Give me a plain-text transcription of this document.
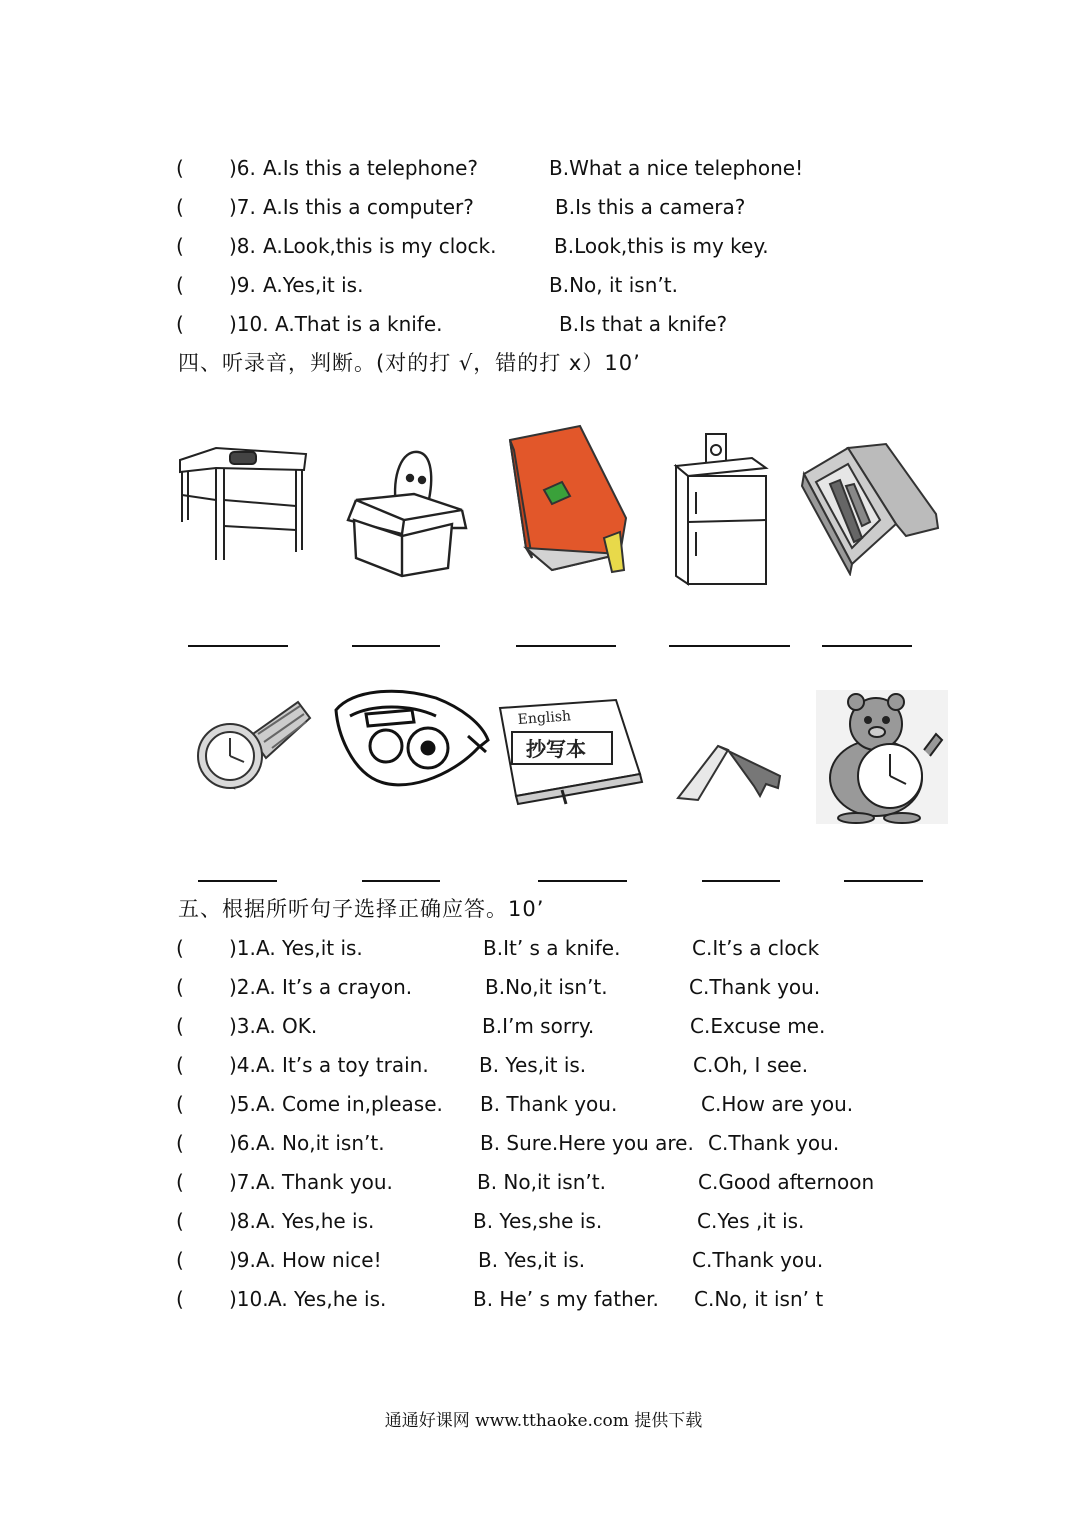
( )6. A.Is this a telephone?	B.What a nice telephone!
( )7. A.Is this a computer?	B.Is this a camera?
( )8. A.Look,this is my clock.	B.Look,this is my key.
( )9. A.Yes,it is.	B.No, it isn’t.
( )10. A.That is a knife.	B.Is that a knife?
四、听录音，判断。(对的打 √，错的打 x）10’
English
抄写本
五、根据所听句子选择正确应答。10’
( )1. A. Yes,it is.	B.It’ s a knife.	C.It’s a clock
( )2. A. It’s a crayon.	B.No,it isn’t.	C.Thank you.
( )3. A. OK.	B.I’m sorry.	C.Excuse me.
( )4. A. It’s a toy train.	B. Yes,it is.	C.Oh, I see.
( )5. A. Come in,please. B. Thank you.	C.How are you.
( )6. A. No,it isn’t.	B. Sure.Here you are. C.Thank you.
( )7. A. Thank you.	B. No,it isn’t.	C.Good afternoon
( )8. A. Yes,he is.	B. Yes,she is.	C.Yes ,it is.
( )9. A. How nice!	B. Yes,it is.	C.Thank you.
( )10. A. Yes,he is.	B. He’ s my father. C.No, it isn’ t
通通好课网 www.tthaoke.com 提供下载
